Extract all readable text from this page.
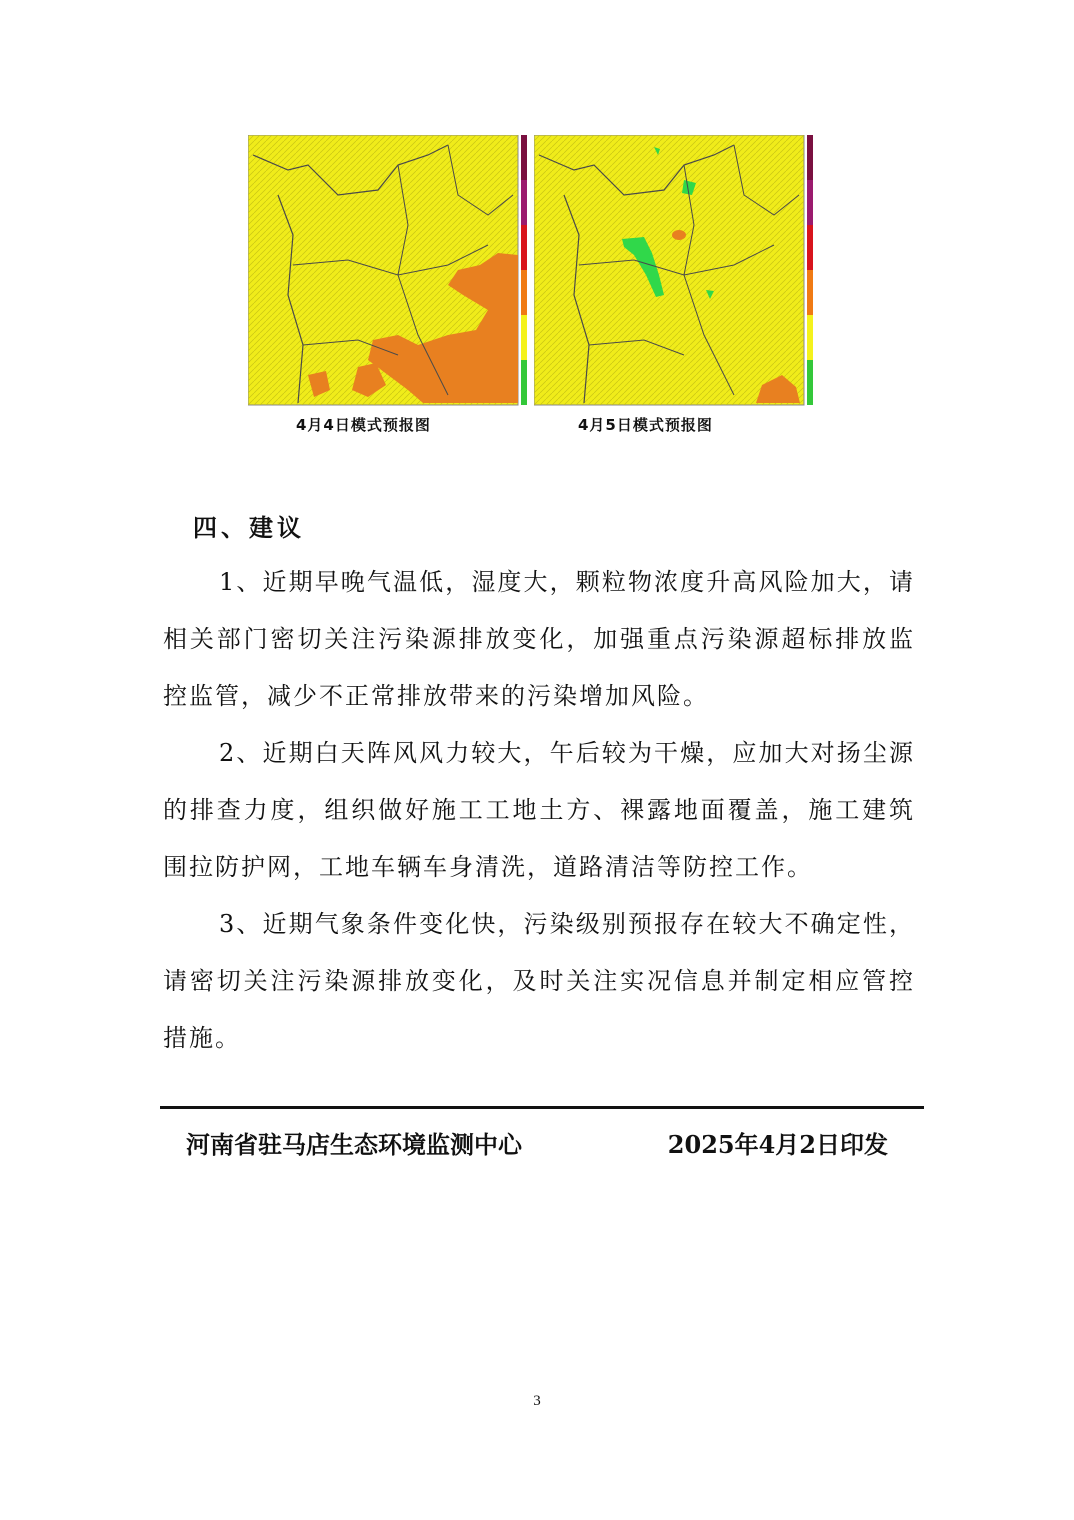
4月4日模式预报图	4月5日模式预报图
四、建议

1、近期早晚气温低，湿度大，颗粒物浓度升高风险加大，请相关部门密切关注污染源排放变化，加强重点污染源超标排放监控监管，减少不正常排放带来的污染增加风险。

2、近期白天阵风风力较大，午后较为干燥，应加大对扬尘源的排查力度，组织做好施工工地土方、裸露地面覆盖，施工建筑围拉防护网，工地车辆车身清洗，道路清洁等防控工作。

3、近期气象条件变化快，污染级别预报存在较大不确定性，请密切关注污染源排放变化，及时关注实况信息并制定相应管控措施。

河南省驻马店生态环境监测中心	2025年4月2日印发
3
